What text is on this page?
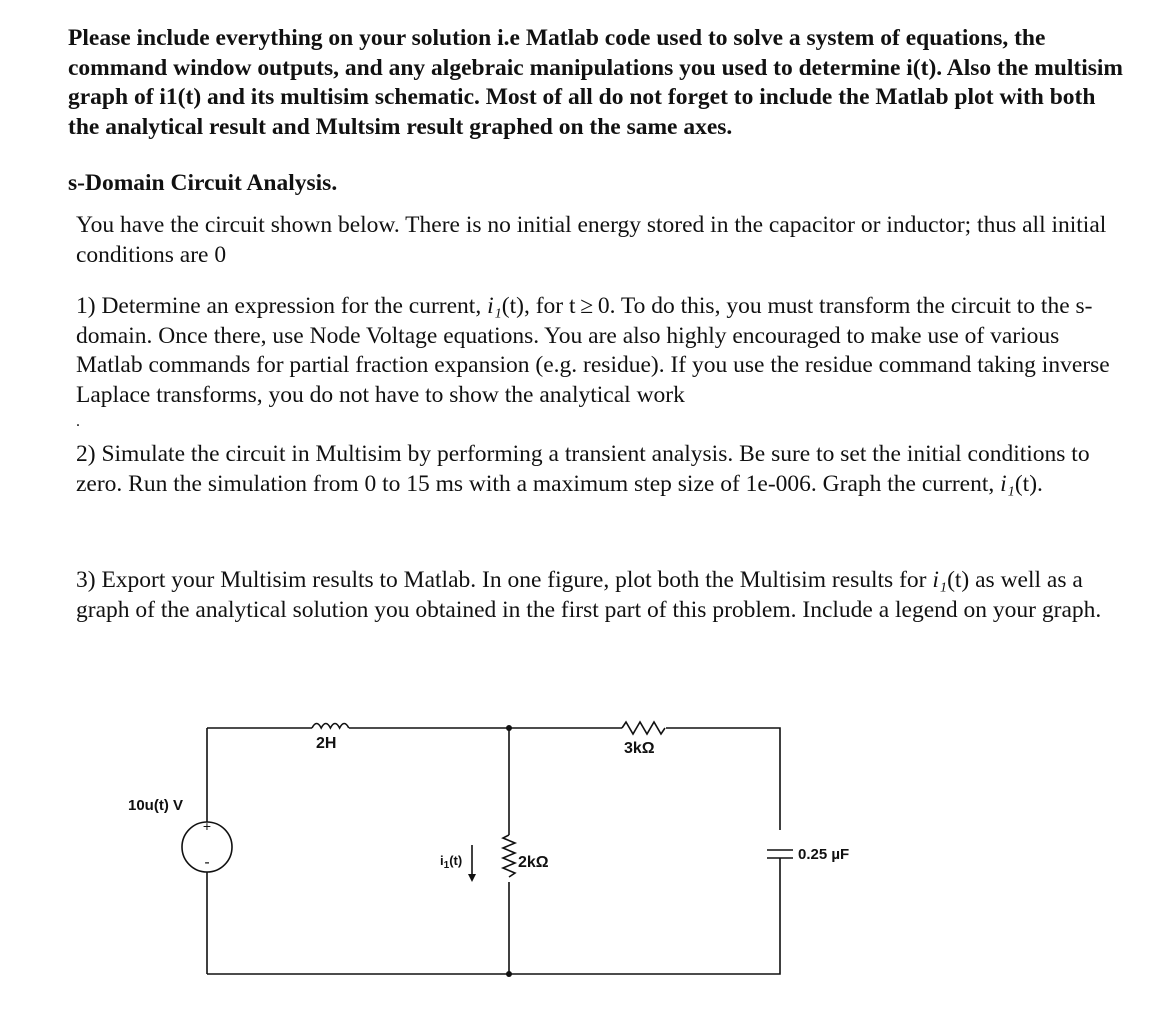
Please include everything on your solution i.e Matlab code used to solve a system of equations, the command window outputs, and any algebraic manipulations you used to determine i(t). Also the multisim graph of i1(t) and its multisim schematic. Most of all do not forget to include the Matlab plot with both the analytical result and Multsim result graphed on the same axes.
s-Domain Circuit Analysis.
You have the circuit shown below. There is no initial energy stored in the capacitor or inductor; thus all initial conditions are 0
1) Determine an expression for the current, i₁(t), for t ≥ 0. To do this, you must transform the circuit to the s-domain. Once there, use Node Voltage equations. You are also highly encouraged to make use of various Matlab commands for partial fraction expansion (e.g. residue). If you use the residue command taking inverse Laplace transforms, you do not have to show the analytical work
.
2) Simulate the circuit in Multisim by performing a transient analysis. Be sure to set the initial conditions to zero. Run the simulation from 0 to 15 ms with a maximum step size of 1e-006. Graph the current, i₁(t).
3) Export your Multisim results to Matlab. In one figure, plot both the Multisim results for i₁(t) as well as a graph of the analytical solution you obtained in the first part of this problem. Include a legend on your graph.
+
-
10u(t) V
2H	3kΩ
$i_1(t)$	2kΩ	0.25 µF
